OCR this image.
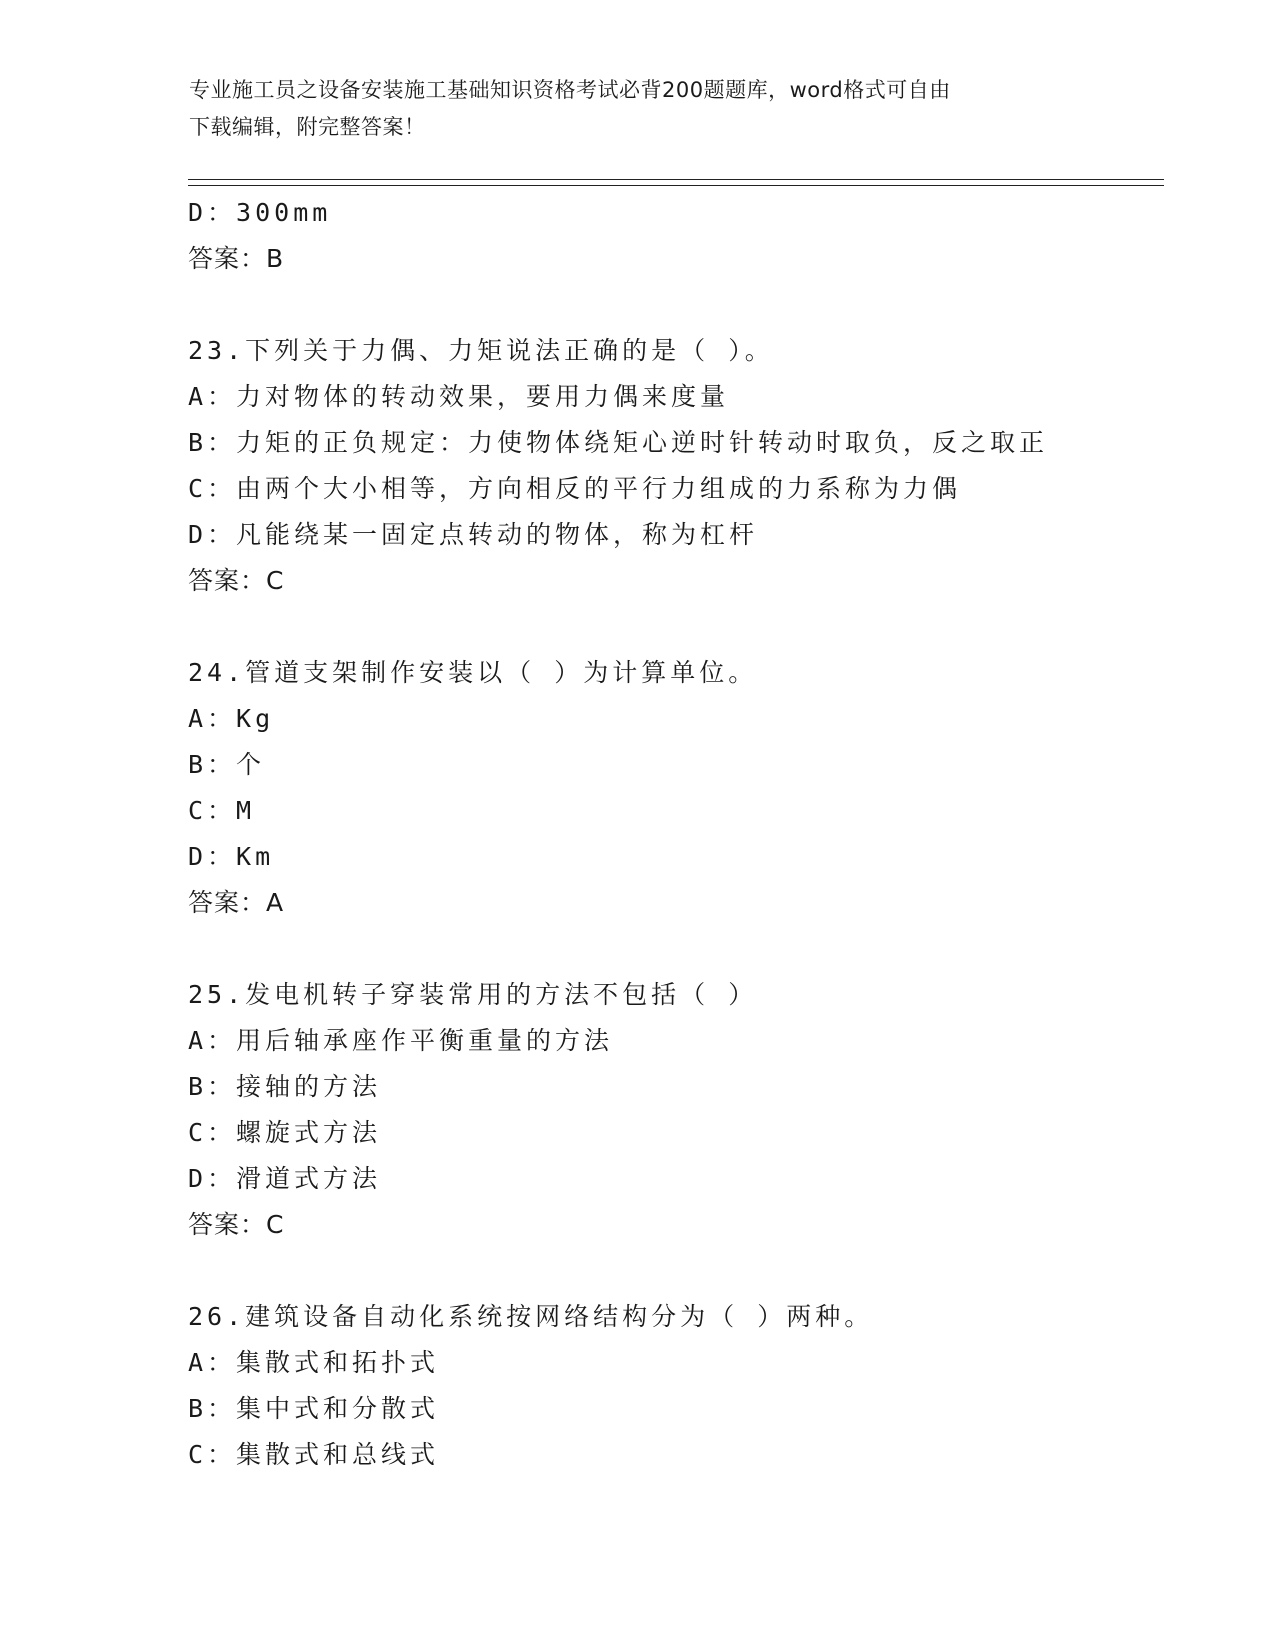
专业施工员之设备安装施工基础知识资格考试必背200题题库，word格式可自由
下载编辑，附完整答案！
D：300mm
答案：B
23.下列关于力偶、力矩说法正确的是（ ）。
A：力对物体的转动效果，要用力偶来度量
B：力矩的正负规定：力使物体绕矩心逆时针转动时取负，反之取正
C：由两个大小相等，方向相反的平行力组成的力系称为力偶
D：凡能绕某一固定点转动的物体，称为杠杆
答案：C
24.管道支架制作安装以（ ）为计算单位。
A：Kg
B：个
C：M
D：Km
答案：A
25.发电机转子穿装常用的方法不包括（ ）
A：用后轴承座作平衡重量的方法
B：接轴的方法
C：螺旋式方法
D：滑道式方法
答案：C
26.建筑设备自动化系统按网络结构分为（ ）两种。
A：集散式和拓扑式
B：集中式和分散式
C：集散式和总线式
